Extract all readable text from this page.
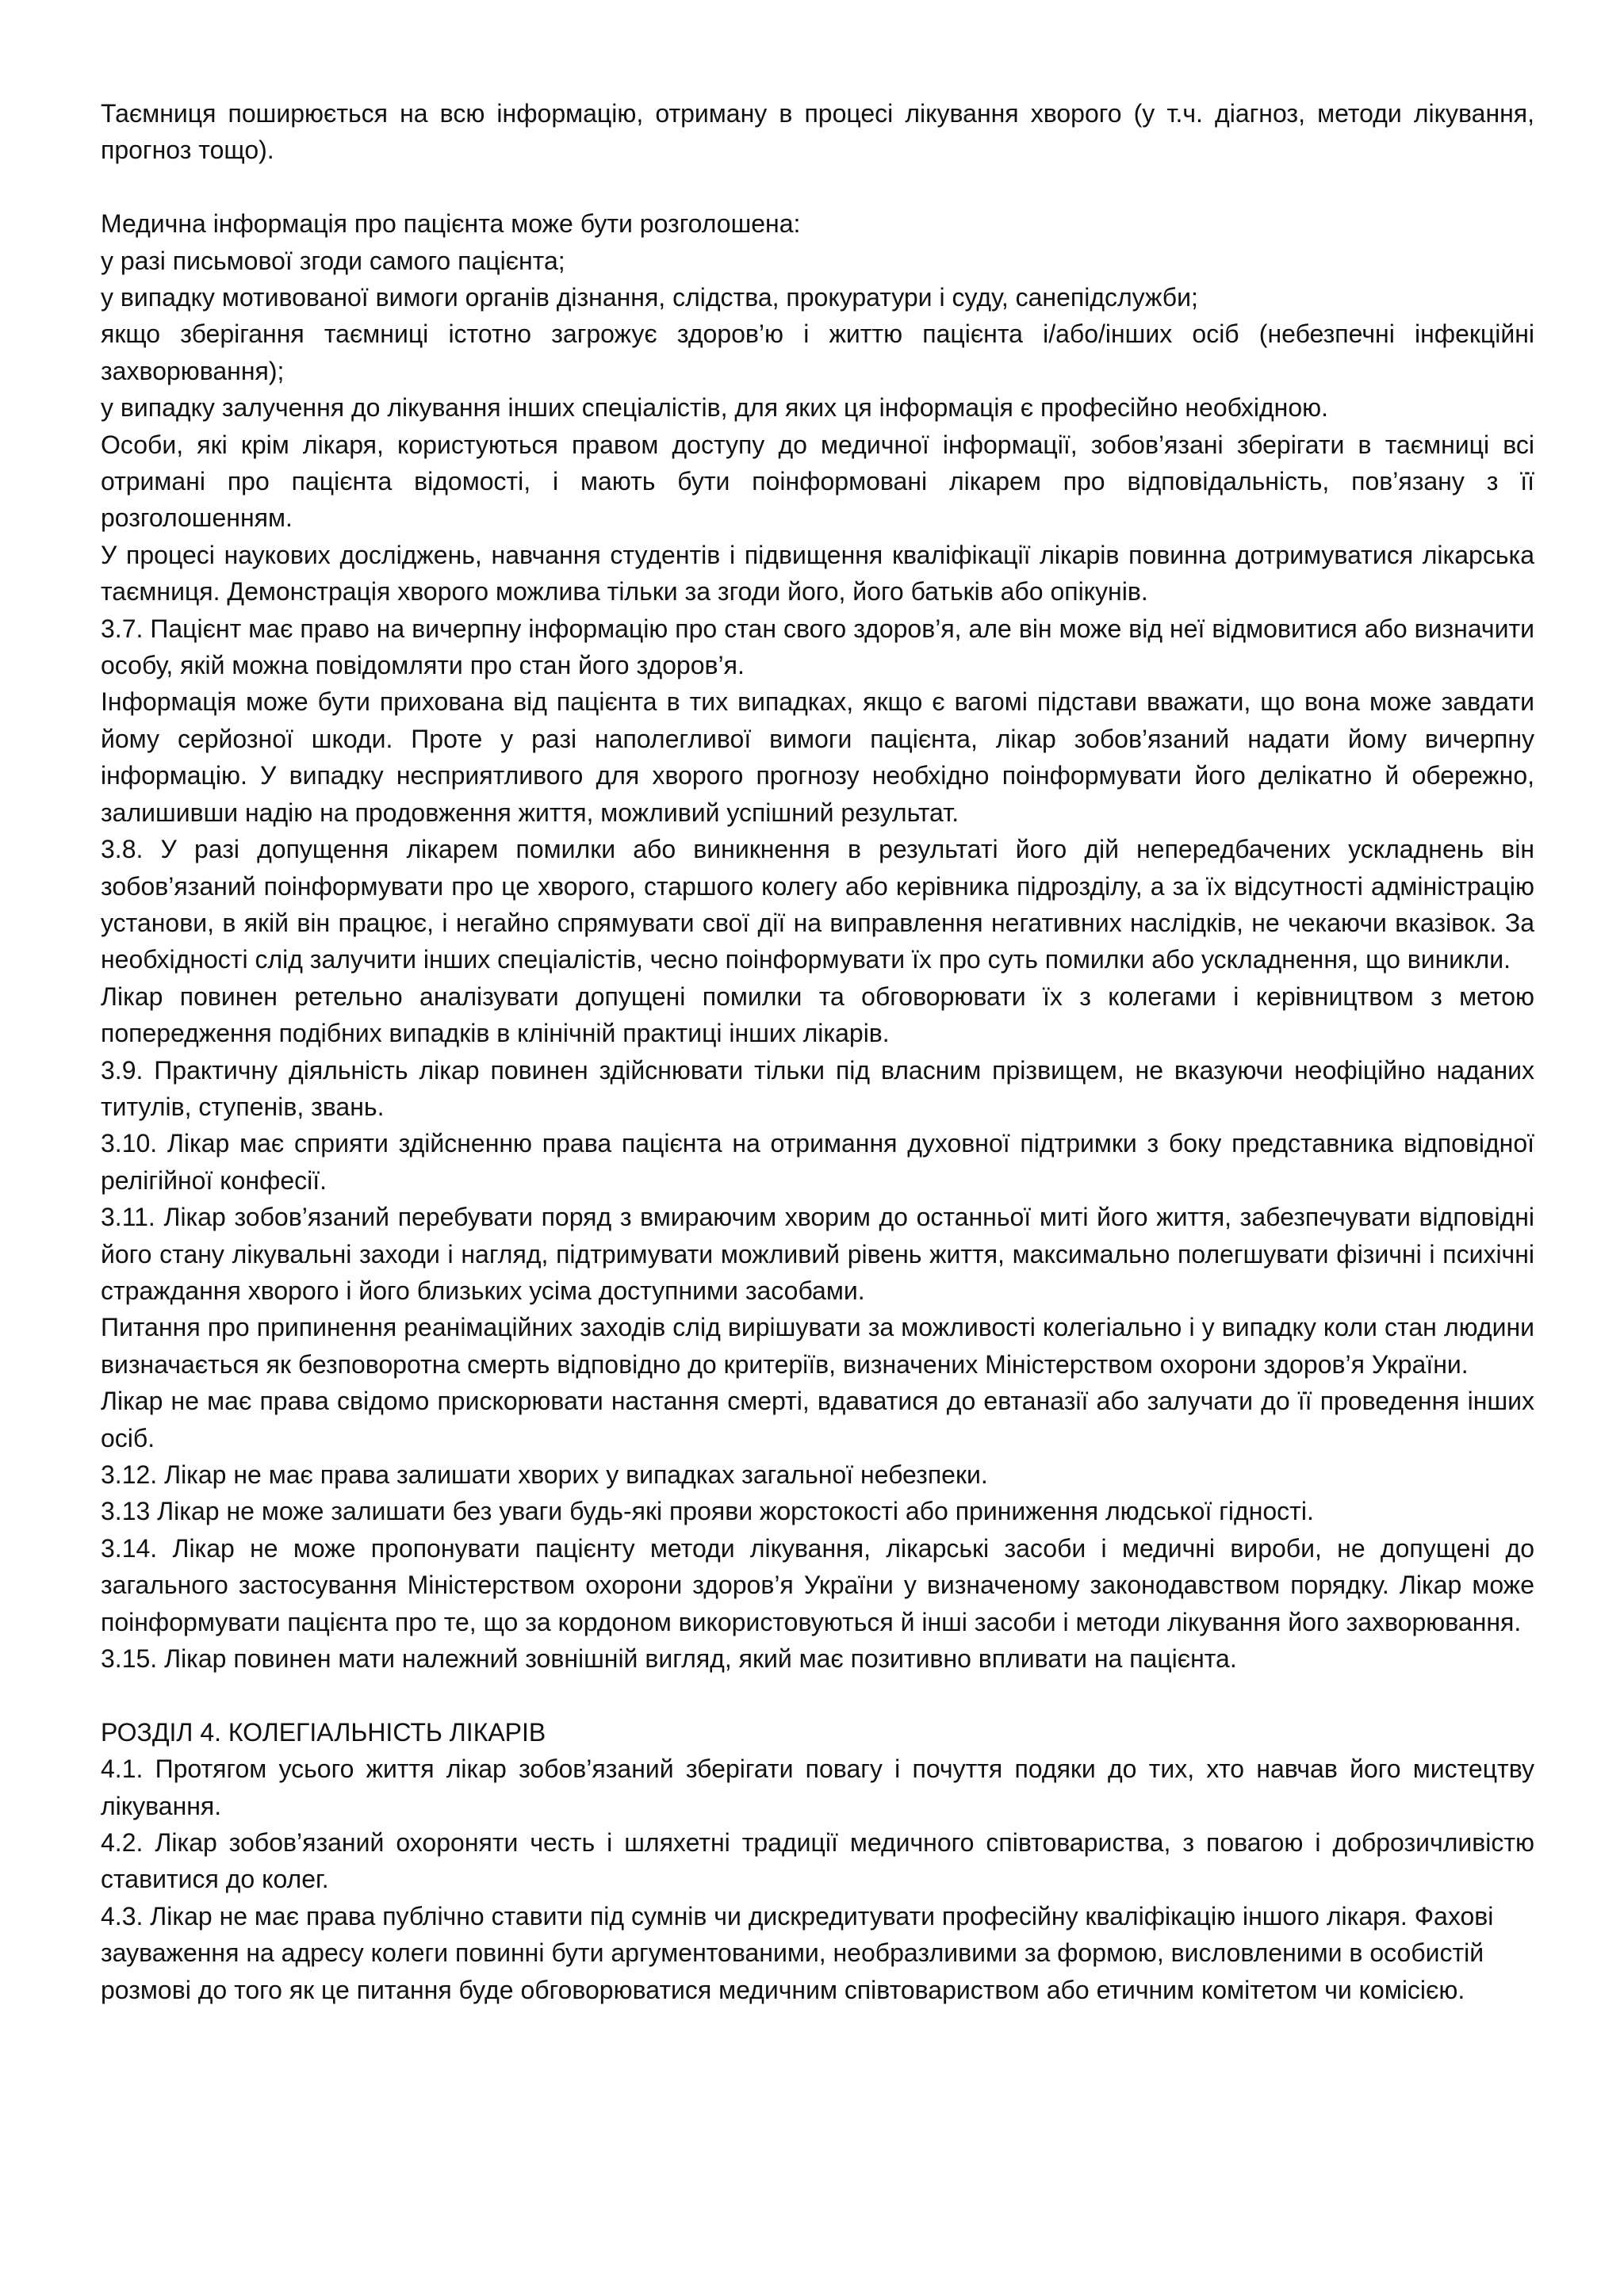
Таємниця поширюється на всю інформацію, отриману в процесі лікування хворого (у т.ч. діагноз, методи лікування, прогноз тощо).

Медична інформація про пацієнта може бути розголошена:

у разі письмової згоди самого пацієнта;

у випадку мотивованої вимоги органів дізнання, слідства, прокуратури і суду, санепідслужби;

якщо зберігання таємниці істотно загрожує здоров’ю і життю пацієнта і/або/інших осіб (небезпечні інфекційні захворювання);

у випадку залучення до лікування інших спеціалістів, для яких ця інформація є професійно необхідною.

Особи, які крім лікаря, користуються правом доступу до медичної інформації, зобов’язані зберігати в таємниці всі отримані про пацієнта відомості, і мають бути поінформовані лікарем про відповідальність, пов’язану з її розголошенням.

У процесі наукових досліджень, навчання студентів і підвищення кваліфікації лікарів повинна дотримуватися лікарська таємниця. Демонстрація хворого можлива тільки за згоди його, його батьків або опікунів.

3.7. Пацієнт має право на вичерпну інформацію про стан свого здоров’я, але він може від неї відмовитися або визначити особу, якій можна повідомляти про стан його здоров’я.

Інформація може бути прихована від пацієнта в тих випадках, якщо є вагомі підстави вважати, що вона може завдати йому серйозної шкоди. Проте у разі наполегливої вимоги пацієнта, лікар зобов’язаний надати йому вичерпну інформацію. У випадку несприятливого для хворого прогнозу необхідно поінформувати його делікатно й обережно, залишивши надію на продовження життя, можливий успішний результат.

3.8. У разі допущення лікарем помилки або виникнення в результаті його дій непередбачених ускладнень він зобов’язаний поінформувати про це хворого, старшого колегу або керівника підрозділу, а за їх відсутності адміністрацію установи, в якій він працює, і негайно спрямувати свої дії на виправлення негативних наслідків, не чекаючи вказівок. За необхідності слід залучити інших спеціалістів, чесно поінформувати їх про суть помилки або ускладнення, що виникли.

Лікар повинен ретельно аналізувати допущені помилки та обговорювати їх з колегами і керівництвом з метою попередження подібних випадків в клінічній практиці інших лікарів.

3.9. Практичну діяльність лікар повинен здійснювати тільки під власним прізвищем, не вказуючи неофіційно наданих титулів, ступенів, звань.

3.10. Лікар має сприяти здійсненню права пацієнта на отримання духовної підтримки з боку представника відповідної релігійної конфесії.

3.11. Лікар зобов’язаний перебувати поряд з вмираючим хворим до останньої миті його життя, забезпечувати відповідні його стану лікувальні заходи і нагляд, підтримувати можливий рівень життя, максимально полегшувати фізичні і психічні страждання хворого і його близьких усіма доступними засобами.

Питання про припинення реанімаційних заходів слід вирішувати за можливості колегіально і у випадку коли стан людини визначається як безповоротна смерть відповідно до критеріїв, визначених Міністерством охорони здоров’я України.

Лікар не має права свідомо прискорювати настання смерті, вдаватися до евтаназії або залучати до її проведення інших осіб.

3.12. Лікар не має права залишати хворих у випадках загальної небезпеки.

3.13 Лікар не може залишати без уваги будь-які прояви жорстокості або приниження людської гідності.

3.14. Лікар не може пропонувати пацієнту методи лікування, лікарські засоби і медичні вироби, не допущені до загального застосування Міністерством охорони здоров’я України у визначеному законодавством порядку. Лікар може поінформувати пацієнта про те, що за кордоном використовуються й інші засоби і методи лікування його захворювання.

3.15. Лікар повинен мати належний зовнішній вигляд, який має позитивно впливати на пацієнта.

РОЗДІЛ 4. КОЛЕГІАЛЬНІСТЬ ЛІКАРІВ

4.1. Протягом усього життя лікар зобов’язаний зберігати повагу і почуття подяки до тих, хто навчав його мистецтву лікування.

4.2. Лікар зобов’язаний охороняти честь і шляхетні традиції медичного співтовариства, з повагою і доброзичливістю ставитися до колег.

4.3. Лікар не має права публічно ставити під сумнів чи дискредитувати професійну кваліфікацію іншого лікаря. Фахові зауваження на адресу колеги повинні бути аргументованими, необразливими за формою, висловленими в особистій розмові до того як це питання буде обговорюватися медичним співтовариством або етичним комітетом чи комісією.
